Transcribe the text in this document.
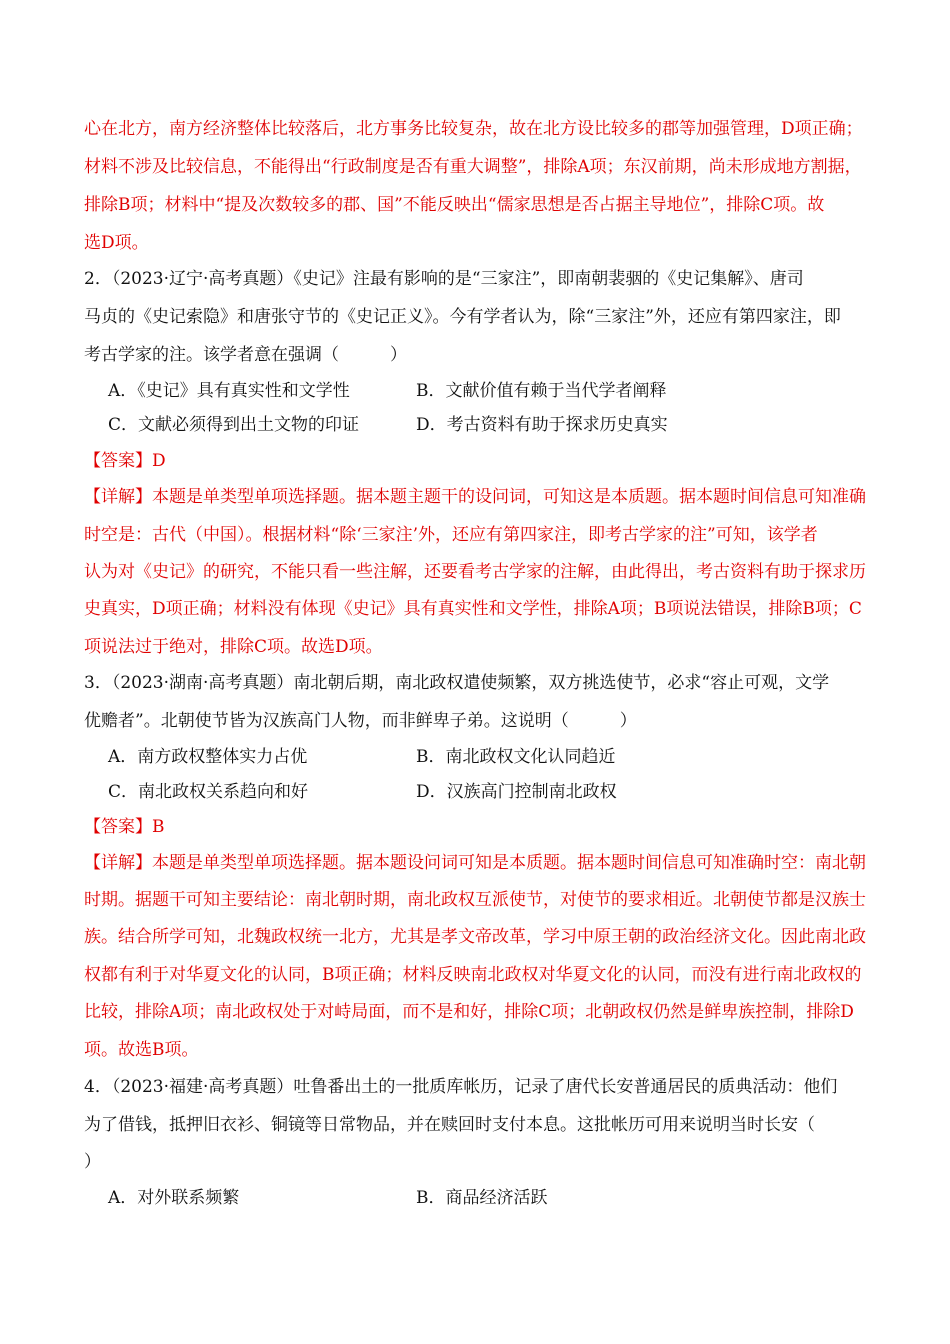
心在北方，南方经济整体比较落后，北方事务比较复杂，故在北方设比较多的郡等加强管理，D项正确；
材料不涉及比较信息，不能得出“行政制度是否有重大调整”，排除A项；东汉前期，尚未形成地方割据，
排除B项；材料中“提及次数较多的郡、国”不能反映出“儒家思想是否占据主导地位”，排除C项。故
选D项。
2．（2023·辽宁·高考真题）《史记》注最有影响的是“三家注”，即南朝裴骃的《史记集解》、唐司
马贞的《史记索隐》和唐张守节的《史记正义》。今有学者认为，除“三家注”外，还应有第四家注，即
考古学家的注。该学者意在强调（　　　）
A．《史记》具有真实性和文学性	B．文献价值有赖于当代学者阐释
C．文献必须得到出土文物的印证	D．考古资料有助于探求历史真实
【答案】D
【详解】本题是单类型单项选择题。据本题主题干的设问词，可知这是本质题。据本题时间信息可知准确
时空是：古代（中国）。根据材料“除‘三家注’外，还应有第四家注，即考古学家的注”可知，该学者
认为对《史记》的研究，不能只看一些注解，还要看考古学家的注解，由此得出，考古资料有助于探求历
史真实，D项正确；材料没有体现《史记》具有真实性和文学性，排除A项；B项说法错误，排除B项；C
项说法过于绝对，排除C项。故选D项。
3．（2023·湖南·高考真题）南北朝后期，南北政权遣使频繁，双方挑选使节，必求“容止可观，文学
优赡者”。北朝使节皆为汉族高门人物，而非鲜卑子弟。这说明（　　　）
A．南方政权整体实力占优	B．南北政权文化认同趋近
C．南北政权关系趋向和好	D．汉族高门控制南北政权
【答案】B
【详解】本题是单类型单项选择题。据本题设问词可知是本质题。据本题时间信息可知准确时空：南北朝
时期。据题干可知主要结论：南北朝时期，南北政权互派使节，对使节的要求相近。北朝使节都是汉族士
族。结合所学可知，北魏政权统一北方，尤其是孝文帝改革，学习中原王朝的政治经济文化。因此南北政
权都有利于对华夏文化的认同，B项正确；材料反映南北政权对华夏文化的认同，而没有进行南北政权的
比较，排除A项；南北政权处于对峙局面，而不是和好，排除C项；北朝政权仍然是鲜卑族控制，排除D
项。故选B项。
4．（2023·福建·高考真题）吐鲁番出土的一批质库帐历，记录了唐代长安普通居民的质典活动：他们
为了借钱，抵押旧衣衫、铜镜等日常物品，并在赎回时支付本息。这批帐历可用来说明当时长安（
）
A．对外联系频繁	B．商品经济活跃
